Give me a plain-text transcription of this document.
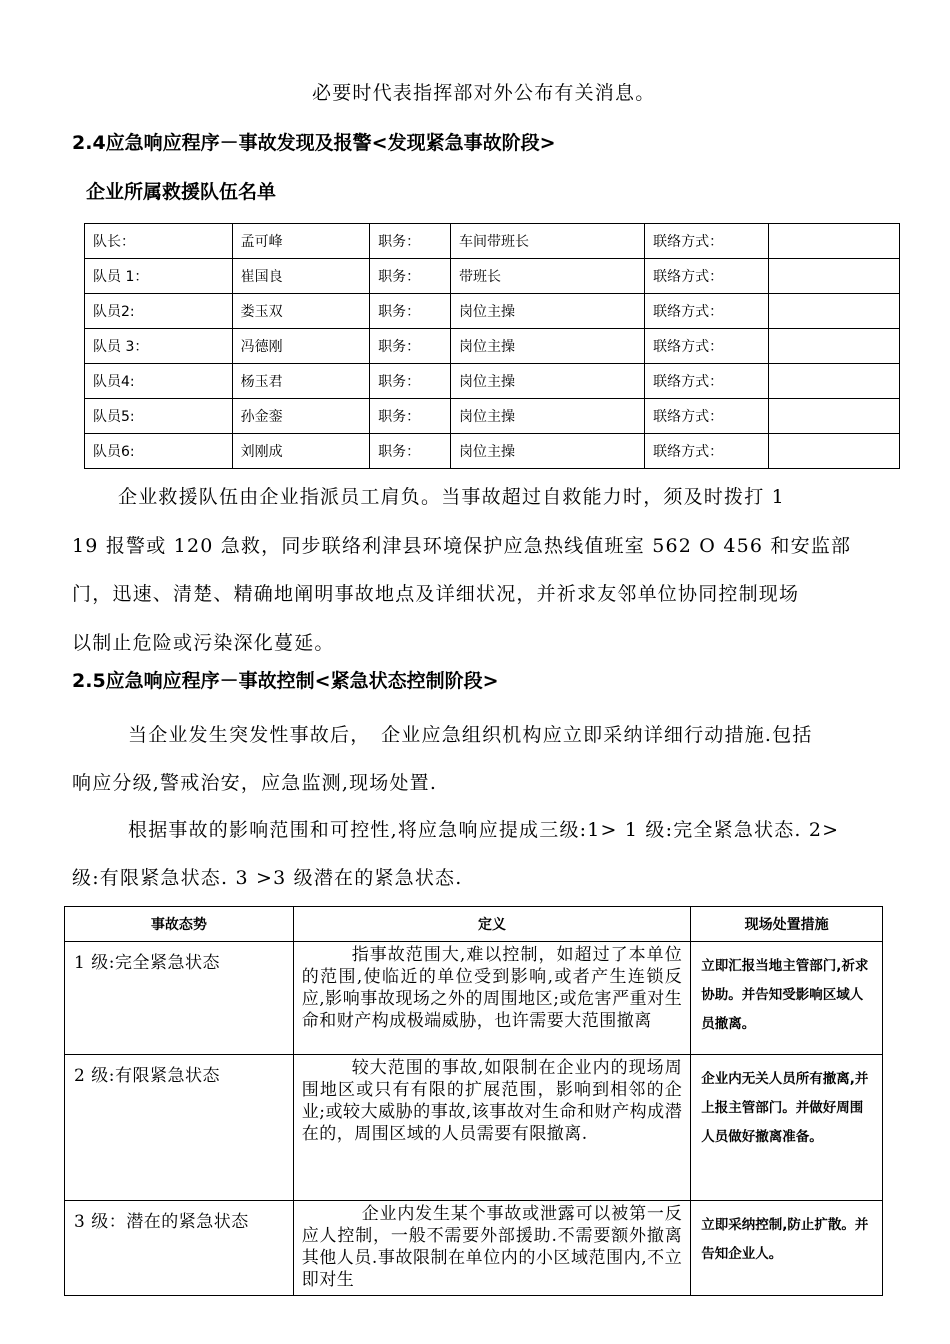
必要时代表指挥部对外公布有关消息。
2.4应急响应程序－事故发现及报警<发现紧急事故阶段>
企业所属救援队伍名单
队长：	孟可峰	职务：	车间带班长	联络方式：	
队员 1：	崔国良	职务：	带班长	联络方式：	
队员2:	娄玉双	职务：	岗位主操	联络方式：	
队员 3：	冯德刚	职务：	岗位主操	联络方式：	
队员4:	杨玉君	职务：	岗位主操	联络方式：	
队员5:	孙金銮	职务：	岗位主操	联络方式：	
队员6:	刘刚成	职务：	岗位主操	联络方式：	
企业救援队伍由企业指派员工肩负。当事故超过自救能力时，须及时拨打 1
19 报警或 120 急救，同步联络利津县环境保护应急热线值班室 562 O 456 和安监部
门，迅速、清楚、精确地阐明事故地点及详细状况，并祈求友邻单位协同控制现场
以制止危险或污染深化蔓延。
2.5应急响应程序－事故控制<紧急状态控制阶段>
当企业发生突发性事故后，　企业应急组织机构应立即采纳详细行动措施.包括
响应分级,警戒治安，应急监测,现场处置.
根据事故的影响范围和可控性,将应急响应提成三级:1> 1 级:完全紧急状态. 2>
级:有限紧急状态. 3 >3 级潜在的紧急状态.
事故态势	定义	现场处置措施
1 级:完全紧急状态	指事故范围大,难以控制，如超过了本单位的范围,使临近的单位受到影响,或者产生连锁反应,影响事故现场之外的周围地区;或危害严重对生命和财产构成极端威胁，也许需要大范围撤离	立即汇报当地主管部门,祈求协助。并告知受影响区域人员撤离。
2 级:有限紧急状态	较大范围的事故,如限制在企业内的现场周围地区或只有有限的扩展范围，影响到相邻的企业;或较大威胁的事故,该事故对生命和财产构成潜在的，周围区域的人员需要有限撤离.	企业内无关人员所有撤离,并上报主管部门。并做好周围人员做好撤离准备。
3 级：潜在的紧急状态	企业内发生某个事故或泄露可以被第一反应人控制，一般不需要外部援助.不需要额外撤离其他人员.事故限制在单位内的小区域范围内,不立即对生	立即采纳控制,防止扩散。并告知企业人。
